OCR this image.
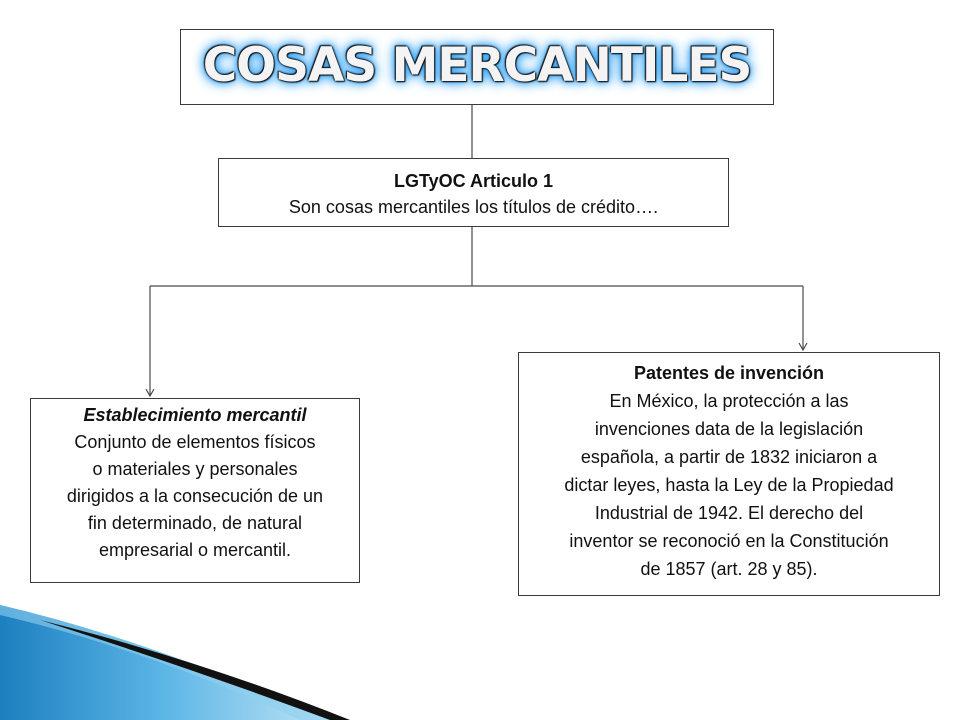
COSAS MERCANTILES
LGTyOC Articulo 1
Son cosas mercantiles los títulos de crédito….
Establecimiento mercantil
Conjunto de elementos físicos
o materiales y personales
dirigidos a la consecución de un
fin determinado, de natural
empresarial o mercantil.
Patentes de invención
En México, la protección a las
invenciones data de la legislación
española, a partir de 1832 iniciaron a
dictar leyes, hasta la Ley de la Propiedad
Industrial de 1942. El derecho del
inventor se reconoció en la Constitución
de 1857 (art. 28 y 85).
